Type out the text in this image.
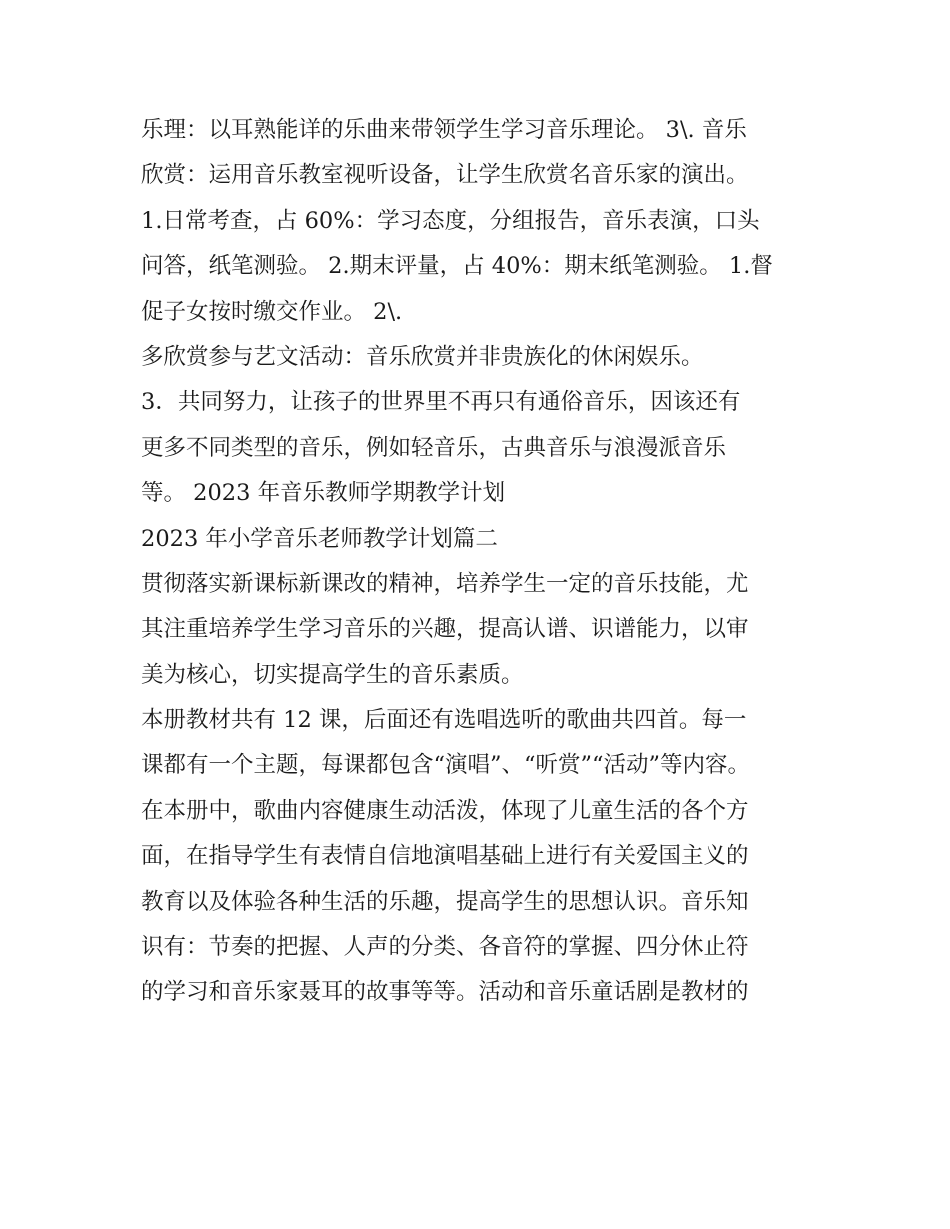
乐理：以耳熟能详的乐曲来带领学生学习音乐理论。 3\. 音乐

欣赏：运用音乐教室视听设备，让学生欣赏名音乐家的演出。

1.日常考查，占 60%：学习态度，分组报告，音乐表演，口头

问答，纸笔测验。 2.期末评量，占 40%：期末纸笔测验。 1.督

促子女按时缴交作业。 2\.

多欣赏参与艺文活动：音乐欣赏并非贵族化的休闲娱乐。

3．共同努力，让孩子的世界里不再只有通俗音乐，因该还有

更多不同类型的音乐，例如轻音乐，古典音乐与浪漫派音乐

等。 2023 年音乐教师学期教学计划

2023 年小学音乐老师教学计划篇二

贯彻落实新课标新课改的精神，培养学生一定的音乐技能，尤

其注重培养学生学习音乐的兴趣，提高认谱、识谱能力，以审

美为核心，切实提高学生的音乐素质。

本册教材共有 12 课，后面还有选唱选听的歌曲共四首。每一

课都有一个主题，每课都包含“演唱”、“听赏”“活动”等内容。

在本册中，歌曲内容健康生动活泼，体现了儿童生活的各个方

面，在指导学生有表情自信地演唱基础上进行有关爱国主义的

教育以及体验各种生活的乐趣，提高学生的思想认识。音乐知

识有：节奏的把握、人声的分类、各音符的掌握、四分休止符

的学习和音乐家聂耳的故事等等。活动和音乐童话剧是教材的
